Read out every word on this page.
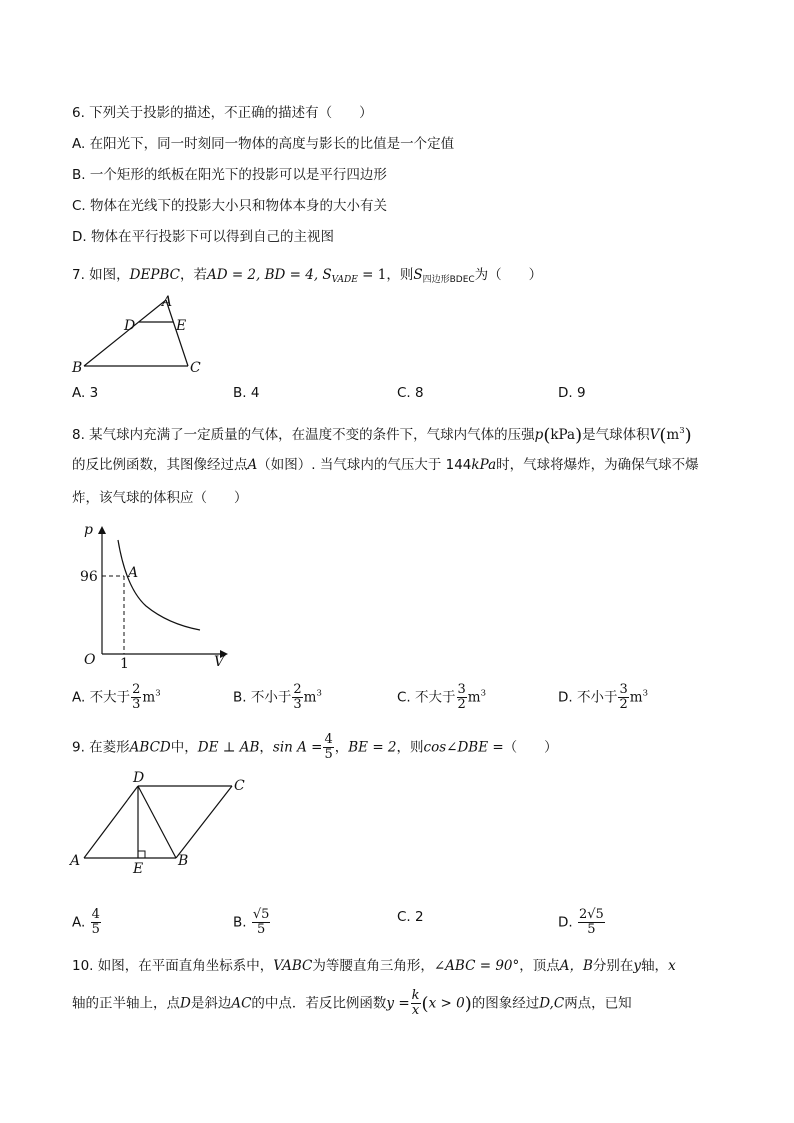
6. 下列关于投影的描述，不正确的描述有（　　）
A. 在阳光下，同一时刻同一物体的高度与影长的比值是一个定值
B. 一个矩形的纸板在阳光下的投影可以是平行四边形
C. 物体在光线下的投影大小只和物体本身的大小有关
D. 物体在平行投影下可以得到自己的主视图
7. 如图，DEPBC，若AD = 2, BD = 4, $S_{VADE} = 1$，则$S_{四边形BDEC}$为（　　）
A
B	C
D	E
A. 3	B. 4	C. 8	D. 9
8. 某气球内充满了一定质量的气体，在温度不变的条件下，气球内气体的压强p(kPa)是气球体积$V(m^3)$
的反比例函数，其图像经过点A（如图）. 当气球内的气压大于 144kPa时，气球将爆炸，为确保气球不爆
炸，该气球的体积应（　　）
p
V
O
96
1
A
A. 不大于 $\frac{2}{3} m^3$	B. 不小于 $\frac{2}{3} m^3$	C. 不大于 $\frac{3}{2} m^3$	D. 不小于 $\frac{3}{2} m^3$
9. 在菱形ABCD中，DE ⊥ AB，$\sin A = \frac{4}{5}$ ，BE = 2，则cos∠DBE =（　　）
A	B
C
D
E
A. $\frac{4}{5}$	B. $\frac{√5}{5}$	C. 2	D. $\frac{2√5}{5}$
10. 如图，在平面直角坐标系中，VABC为等腰直角三角形，∠ABC = 90°，顶点A，B分别在y轴，x
轴的正半轴上，点D是斜边AC的中点．若反比例函数$y = \frac{k}{x} (x > 0)$的图象经过D,C两点，已知
